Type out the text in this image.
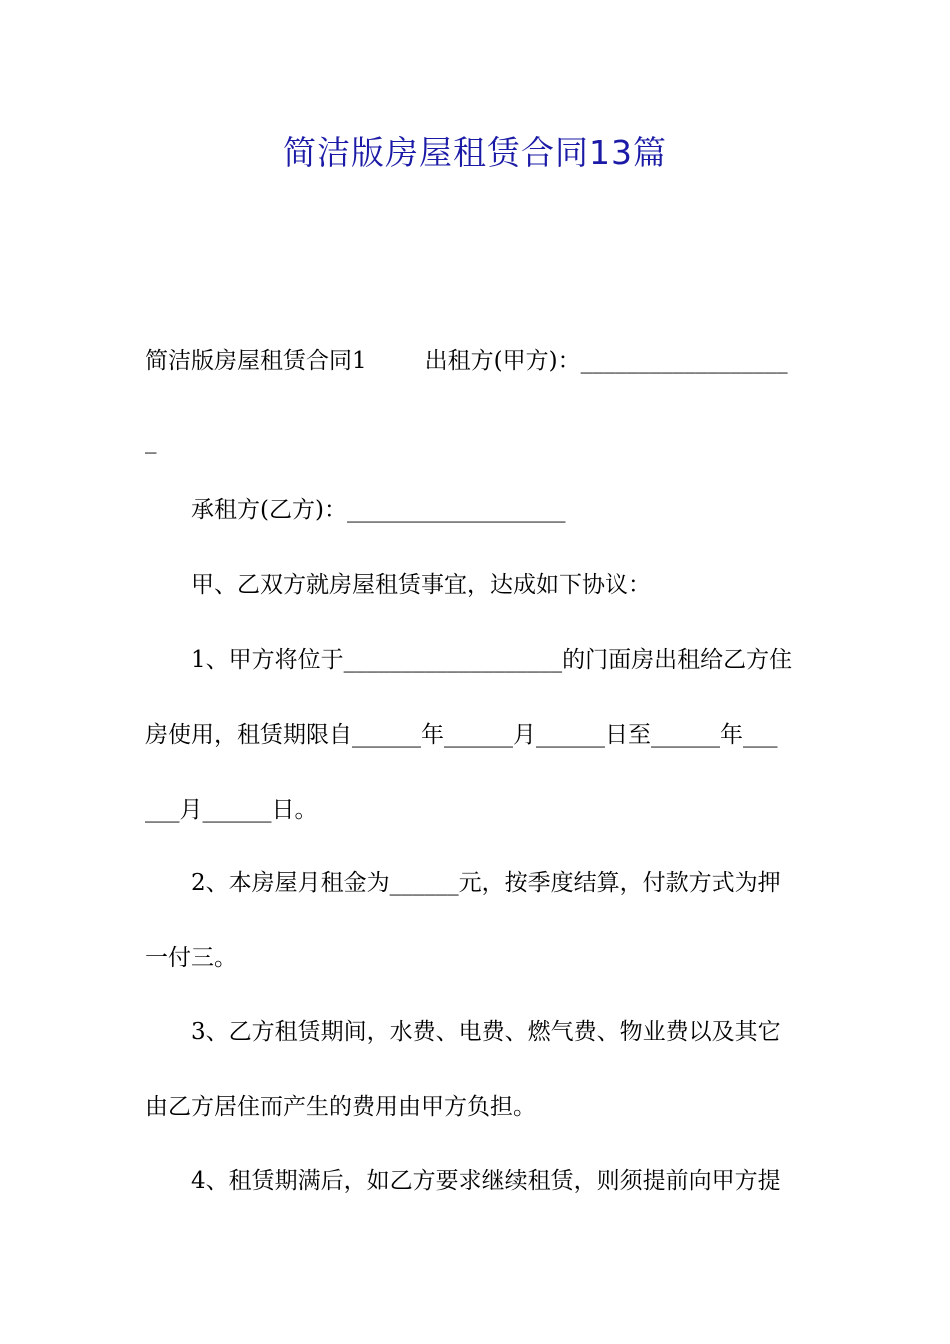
简洁版房屋租赁合同13篇

简洁版房屋租赁合同1	出租方(甲方)：__________________

_

承租方(乙方)：___________________

甲、乙双方就房屋租赁事宜，达成如下协议：

1、甲方将位于___________________的门面房出租给乙方住

房使用，租赁期限自______年______月______日至______年___

___月______日。

2、本房屋月租金为______元，按季度结算，付款方式为押

一付三。

3、乙方租赁期间，水费、电费、燃气费、物业费以及其它

由乙方居住而产生的费用由甲方负担。

4、租赁期满后，如乙方要求继续租赁，则须提前向甲方提
